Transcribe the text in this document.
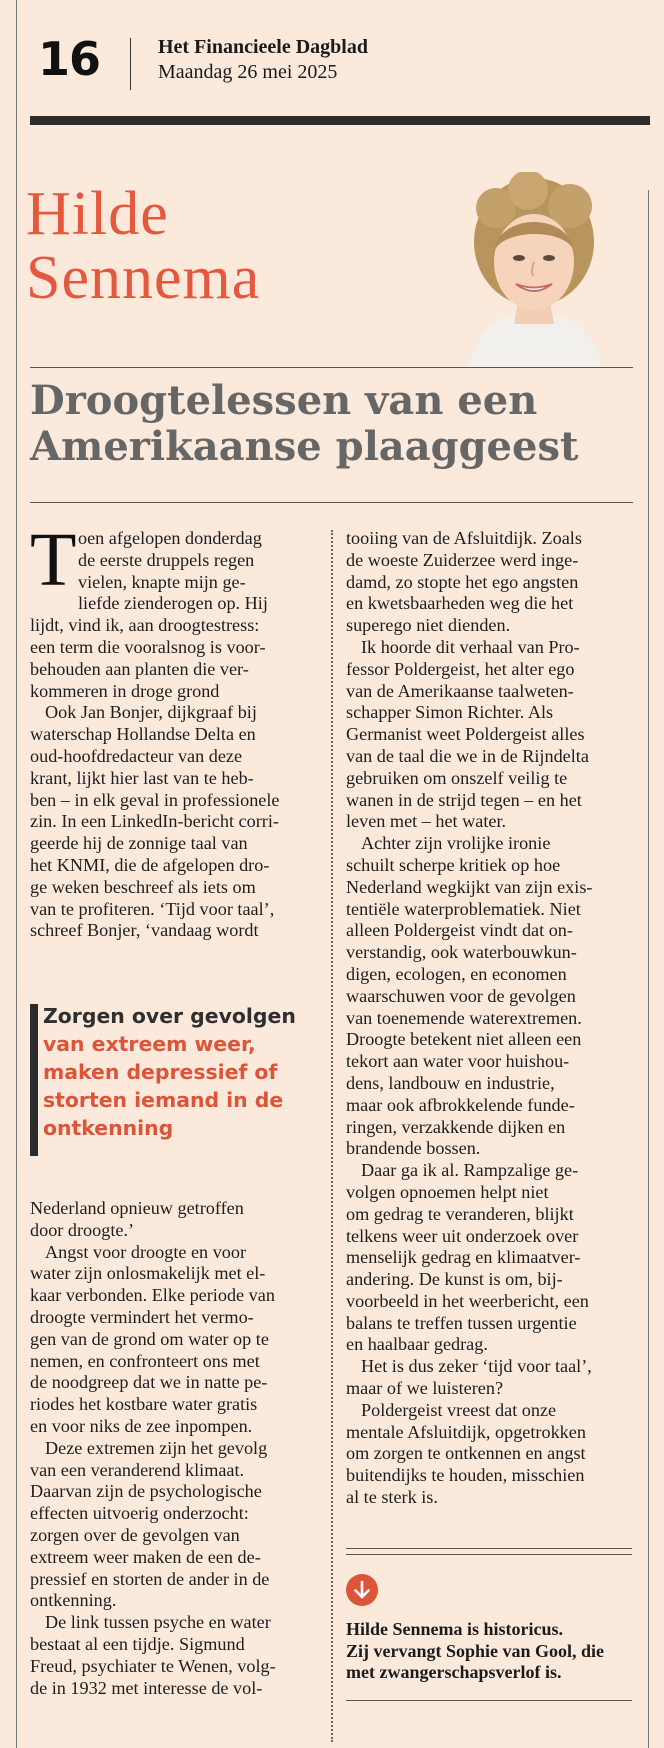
16	Het Financieele Dagblad
Maandag 26 mei 2025
Hilde
Sennema
Droogtelessen van een
Amerikaanse plaaggeest
T oen afgelopen donderdag
de eerste druppels regen
vielen, knapte mijn ge-
liefde zienderogen op. Hij
lijdt, vind ik, aan droogtestress:
een term die vooralsnog is voor-
behouden aan planten die ver-
kommeren in droge grond
Ook Jan Bonjer, dijkgraaf bij
waterschap Hollandse Delta en
oud-hoofdredacteur van deze
krant, lijkt hier last van te heb-
ben – in elk geval in professionele
zin. In een LinkedIn-bericht corri-
geerde hij de zonnige taal van
het KNMI, die de afgelopen dro-
ge weken beschreef als iets om
van te profiteren. ‘Tijd voor taal’,
schreef Bonjer, ‘vandaag wordt
Zorgen over gevolgen
van extreem weer,
maken depressief of
storten iemand in de
ontkenning
Nederland opnieuw getroffen
door droogte.’
Angst voor droogte en voor
water zijn onlosmakelijk met el-
kaar verbonden. Elke periode van
droogte vermindert het vermo-
gen van de grond om water op te
nemen, en confronteert ons met
de noodgreep dat we in natte pe-
riodes het kostbare water gratis
en voor niks de zee inpompen.
Deze extremen zijn het gevolg
van een veranderend klimaat.
Daarvan zijn de psychologische
effecten uitvoerig onderzocht:
zorgen over de gevolgen van
extreem weer maken de een de-
pressief en storten de ander in de
ontkenning.
De link tussen psyche en water
bestaat al een tijdje. Sigmund
Freud, psychiater te Wenen, volg-
de in 1932 met interesse de vol-
tooiing van de Afsluitdijk. Zoals
de woeste Zuiderzee werd inge-
damd, zo stopte het ego angsten
en kwetsbaarheden weg die het
superego niet dienden.
Ik hoorde dit verhaal van Pro-
fessor Poldergeist, het alter ego
van de Amerikaanse taalweten-
schapper Simon Richter. Als
Germanist weet Poldergeist alles
van de taal die we in de Rijndelta
gebruiken om onszelf veilig te
wanen in de strijd tegen – en het
leven met – het water.
Achter zijn vrolijke ironie
schuilt scherpe kritiek op hoe
Nederland wegkijkt van zijn exis-
tentiële waterproblematiek. Niet
alleen Poldergeist vindt dat on-
verstandig, ook waterbouwkun-
digen, ecologen, en economen
waarschuwen voor de gevolgen
van toenemende waterextremen.
Droogte betekent niet alleen een
tekort aan water voor huishou-
dens, landbouw en industrie,
maar ook afbrokkelende funde-
ringen, verzakkende dijken en
brandende bossen.
Daar ga ik al. Rampzalige ge-
volgen opnoemen helpt niet
om gedrag te veranderen, blijkt
telkens weer uit onderzoek over
menselijk gedrag en klimaatver-
andering. De kunst is om, bij-
voorbeeld in het weerbericht, een
balans te treffen tussen urgentie
en haalbaar gedrag.
Het is dus zeker ‘tijd voor taal’,
maar of we luisteren?
Poldergeist vreest dat onze
mentale Afsluitdijk, opgetrokken
om zorgen te ontkennen en angst
buitendijks te houden, misschien
al te sterk is.
Hilde Sennema is historicus.
Zij vervangt Sophie van Gool, die
met zwangerschapsverlof is.
